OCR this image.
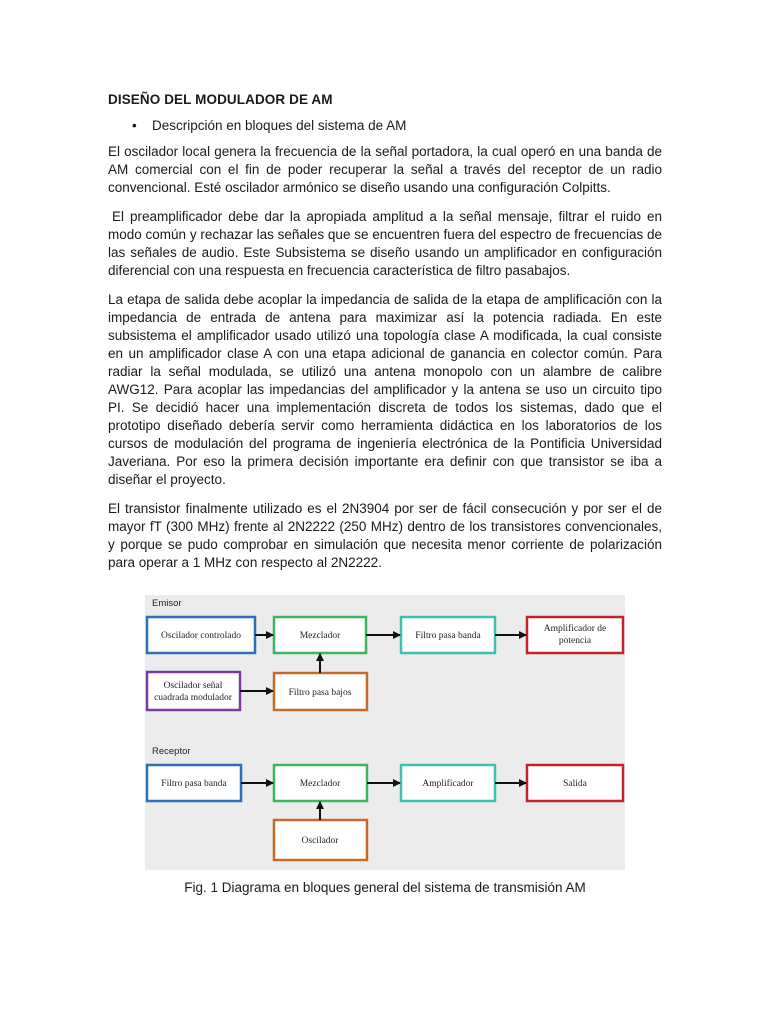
DISEÑO DEL MODULADOR DE AM
• Descripción en bloques del sistema de AM

El oscilador local genera la frecuencia de la señal portadora, la cual operó en una banda de AM comercial con el fin de poder recuperar la señal a través del receptor de un radio convencional. Esté oscilador armónico se diseño usando una configuración Colpitts.

El preamplificador debe dar la apropiada amplitud a la señal mensaje, filtrar el ruido en modo común y rechazar las señales que se encuentren fuera del espectro de frecuencias de las señales de audio. Este Subsistema se diseño usando un amplificador en configuración diferencial con una respuesta en frecuencia característica de filtro pasabajos.

La etapa de salida debe acoplar la impedancia de salida de la etapa de amplificación con la impedancia de entrada de antena para maximizar así la potencia radiada. En este subsistema el amplificador usado utilizó una topología clase A modificada, la cual consiste en un amplificador clase A con una etapa adicional de ganancia en colector común. Para radiar la señal modulada, se utilizó una antena monopolo con un alambre de calibre AWG12. Para acoplar las impedancias del amplificador y la antena se uso un circuito tipo PI. Se decidió hacer una implementación discreta de todos los sistemas, dado que el prototipo diseñado debería servir como herramienta didáctica en los laboratorios de los cursos de modulación del programa de ingeniería electrónica de la Pontificia Universidad Javeriana. Por eso la primera decisión importante era definir con que transistor se iba a diseñar el proyecto.

El transistor finalmente utilizado es el 2N3904 por ser de fácil consecución y por ser el de mayor fT (300 MHz) frente al 2N2222 (250 MHz) dentro de los transistores convencionales, y porque se pudo comprobar en simulación que necesita menor corriente de polarización para operar a 1 MHz con respecto al 2N2222.

Emisor
Oscilador controlado	Mezclador	Filtro pasa banda
Amplificador de
potencia
Oscilador señal
cuadrada modulador	Filtro pasa bajos
Receptor
Filtro pasa banda	Mezclador	Amplificador	Salida
Oscilador
Fig. 1 Diagrama en bloques general del sistema de transmisión AM
